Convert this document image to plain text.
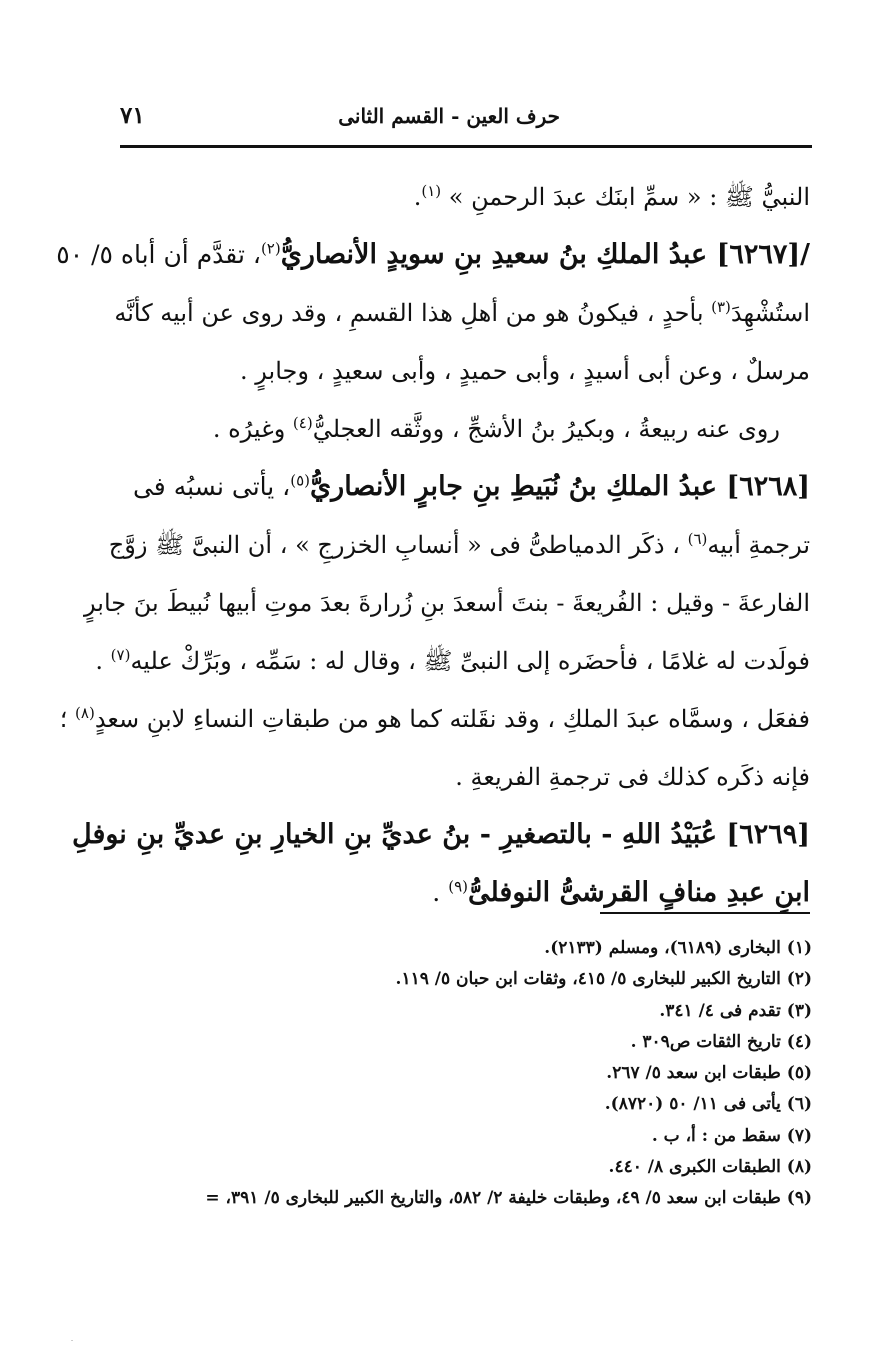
٧١	حرف العين - القسم الثانى
النبيُّ ﷺ : « سمِّ ابنَك عبدَ الرحمنِ » $^{(١)}$.
/[٦٢٦٧] عبدُ الملكِ بنُ سعيدِ بنِ سويدٍ الأنصاريُّ$^{(٢)}$، تقدَّم أن أباه ٥/ ٥٠
استُشْهِدَ$^{(٣)}$ بأحدٍ ، فيكونُ هو من أهلِ هذا القسمِ ، وقد روى عن أبيه كأنَّه
مرسلٌ ، وعن أبى أسيدٍ ، وأبى حميدٍ ، وأبى سعيدٍ ، وجابرٍ .
روى عنه ربيعةُ ، وبكيرُ بنُ الأشجِّ ، ووثَّقه العجليُّ$^{(٤)}$ وغيرُه .
[٦٢٦٨] عبدُ الملكِ بنُ نُبَيطِ بنِ جابرٍ الأنصاريُّ$^{(٥)}$، يأتى نسبُه فى
ترجمةِ أبيه$^{(٦)}$ ، ذكَر الدمياطىُّ فى « أنسابِ الخزرجِ » ، أن النبىَّ ﷺ زوَّج
الفارعةَ - وقيل : الفُريعةَ - بنتَ أسعدَ بنِ زُرارةَ بعدَ موتِ أبيها نُبيطَ بنَ جابرٍ
فولَدت له غلامًا ، فأحضَره إلى النبىِّ ﷺ ، وقال له : سَمِّه ، وبَرِّكْ عليه$^{(٧)}$ .
ففعَل ، وسمَّاه عبدَ الملكِ ، وقد نقَلته كما هو من طبقاتِ النساءِ لابنِ سعدٍ$^{(٨)}$ ؛
فإنه ذكَره كذلك فى ترجمةِ الفريعةِ .
[٦٢٦٩] عُبَيْدُ اللهِ - بالتصغيرِ - بنُ عديِّ بنِ الخيارِ بنِ عديِّ بنِ نوفلِ
ابنِ عبدِ منافٍ القرشىُّ النوفلىُّ$^{(٩)}$ .
(١) البخارى (٦١٨٩)، ومسلم (٢١٣٣).
(٢) التاريخ الكبير للبخارى ٥/ ٤١٥، وثقات ابن حبان ٥/ ١١٩.
(٣) تقدم فى ٤/ ٣٤١.
(٤) تاريخ الثقات ص٣٠٩ .
(٥) طبقات ابن سعد ٥/ ٢٦٧.
(٦) يأتى فى ١١/ ٥٠ (٨٧٢٠).
(٧) سقط من : أ، ب .
(٨) الطبقات الكبرى ٨/ ٤٤٠.
(٩) طبقات ابن سعد ٥/ ٤٩، وطبقات خليفة ٢/ ٥٨٢، والتاريخ الكبير للبخارى ٥/ ٣٩١، =
